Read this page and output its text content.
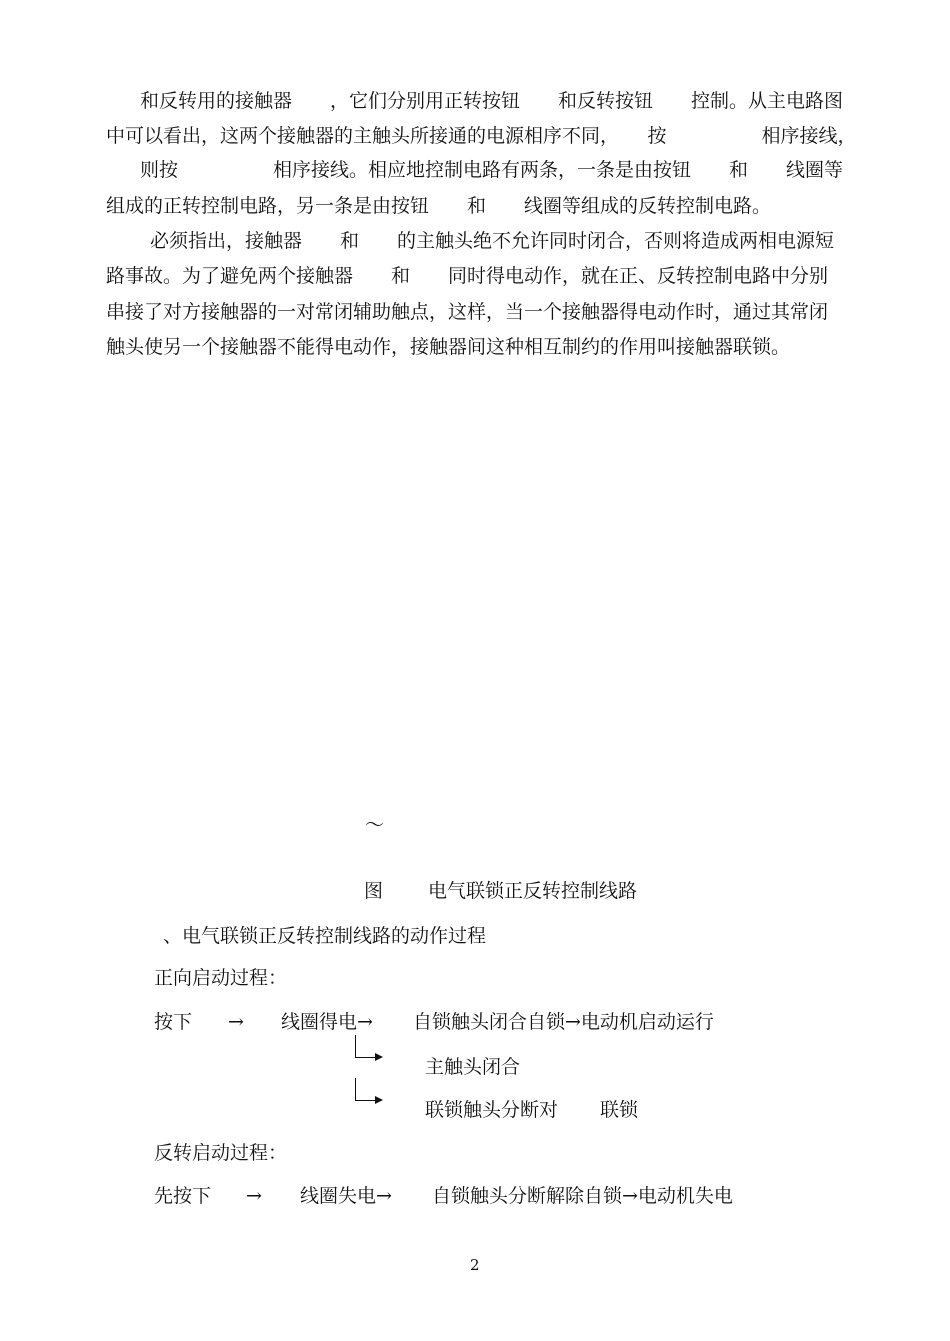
和反转用的接触器　　，它们分别用正转按钮　　和反转按钮　　控制。从主电路图
中可以看出，这两个接触器的主触头所接通的电源相序不同，　　按　　　　　相序接线，
则按　　　　　相序接线。相应地控制电路有两条，一条是由按钮　　和　　线圈等
组成的正转控制电路，另一条是由按钮　　和　　线圈等组成的反转控制电路。
必须指出，接触器　　和　　的主触头绝不允许同时闭合，否则将造成两相电源短
路事故。为了避免两个接触器　　和　　同时得电动作，就在正、反转控制电路中分别
串接了对方接触器的一对常闭辅助触点，这样，当一个接触器得电动作时，通过其常闭
触头使另一个接触器不能得电动作，接触器间这种相互制约的作用叫接触器联锁。
～
图 电气联锁正反转控制线路
、电气联锁正反转控制线路的动作过程
正向启动过程：
按下 → 线圈得电→ 自锁触头闭合自锁→电动机启动运行
主触头闭合
联锁触头分断对 联锁
反转启动过程：
先按下 → 线圈失电→ 自锁触头分断解除自锁→电动机失电
2
